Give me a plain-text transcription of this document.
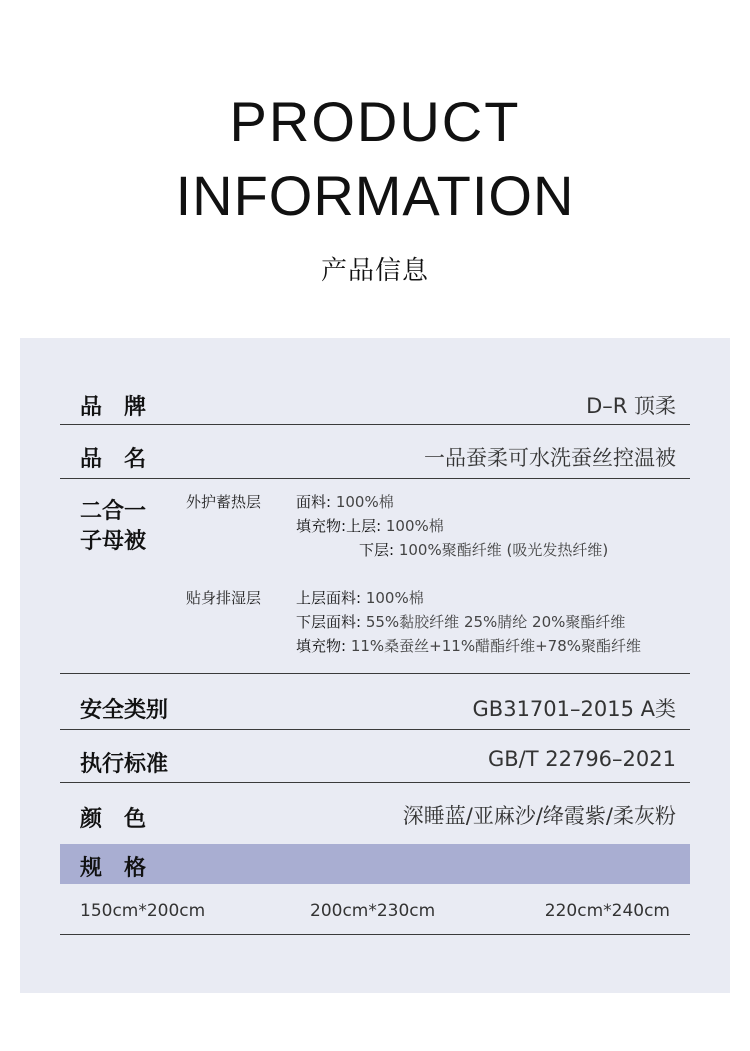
PRODUCT
INFORMATION
产品信息
品　牌	D–R 顶柔
品　名	一品蚕柔可水洗蚕丝控温被
二合一
子母被
外护蓄热层 面料: 100%棉
填充物:上层: 100%棉
下层: 100%聚酯纤维 (吸光发热纤维)
贴身排湿层 上层面料: 100%棉
下层面料: 55%黏胶纤维 25%腈纶 20%聚酯纤维
填充物: 11%桑蚕丝+11%醋酯纤维+78%聚酯纤维
安全类别	GB31701–2015 A类
执行标准	GB/T 22796–2021
颜　色	深睡蓝/亚麻沙/绛霞紫/柔灰粉
规　格
150cm*200cm	200cm*230cm	220cm*240cm
